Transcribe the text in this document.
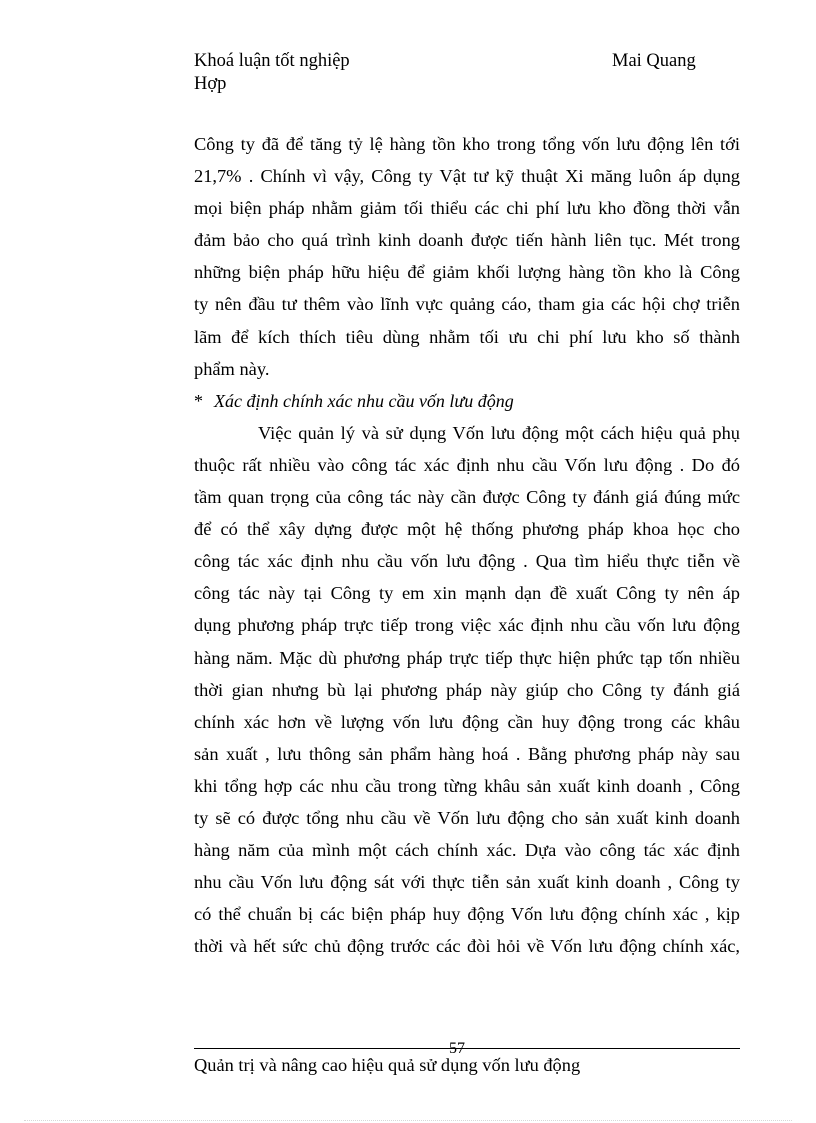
Khoá luận tốt nghiệp	Mai Quang
Hợp
Công ty đã để tăng tỷ lệ hàng tồn kho trong tổng vốn lưu động lên tới
21,7% . Chính vì vậy, Công ty Vật tư kỹ thuật Xi măng luôn áp dụng
mọi biện pháp nhằm giảm tối thiểu các chi phí lưu kho đồng thời vẫn
đảm bảo cho quá trình kinh doanh được tiến hành liên tục. Mét trong
những biện pháp hữu hiệu để giảm khối lượng hàng tồn kho là Công
ty nên đầu tư thêm vào lĩnh vực quảng cáo, tham gia các hội chợ triễn
lãm để kích thích tiêu dùng nhằm tối ưu chi phí lưu kho số thành
phẩm này.
* Xác định chính xác nhu cầu vốn lưu động
Việc quản lý và sử dụng Vốn lưu động một cách hiệu quả phụ
thuộc rất nhiều vào công tác xác định nhu cầu Vốn lưu động . Do đó
tầm quan trọng của công tác này cần được Công ty đánh giá đúng mức
để có thể xây dựng được một hệ thống phương pháp khoa học cho
công tác xác định nhu cầu vốn lưu động . Qua tìm hiểu thực tiễn về
công tác này tại Công ty em xin mạnh dạn đề xuất Công ty nên áp
dụng phương pháp trực tiếp trong việc xác định nhu cầu vốn lưu động
hàng năm. Mặc dù phương pháp trực tiếp thực hiện phức tạp tốn nhiều
thời gian nhưng bù lại phương pháp này giúp cho Công ty đánh giá
chính xác hơn về lượng vốn lưu động cần huy động trong các khâu
sản xuất , lưu thông sản phẩm hàng hoá . Bằng phương pháp này sau
khi tổng hợp các nhu cầu trong từng khâu sản xuất kinh doanh , Công
ty sẽ có được tổng nhu cầu về Vốn lưu động cho sản xuất kinh doanh
hàng năm của mình một cách chính xác. Dựa vào công tác xác định
nhu cầu Vốn lưu động sát với thực tiễn sản xuất kinh doanh , Công ty
có thể chuẩn bị các biện pháp huy động Vốn lưu động chính xác , kịp
thời và hết sức chủ động trước các đòi hỏi về Vốn lưu động chính xác,
57
Quản trị và nâng cao hiệu quả sử dụng vốn lưu động
